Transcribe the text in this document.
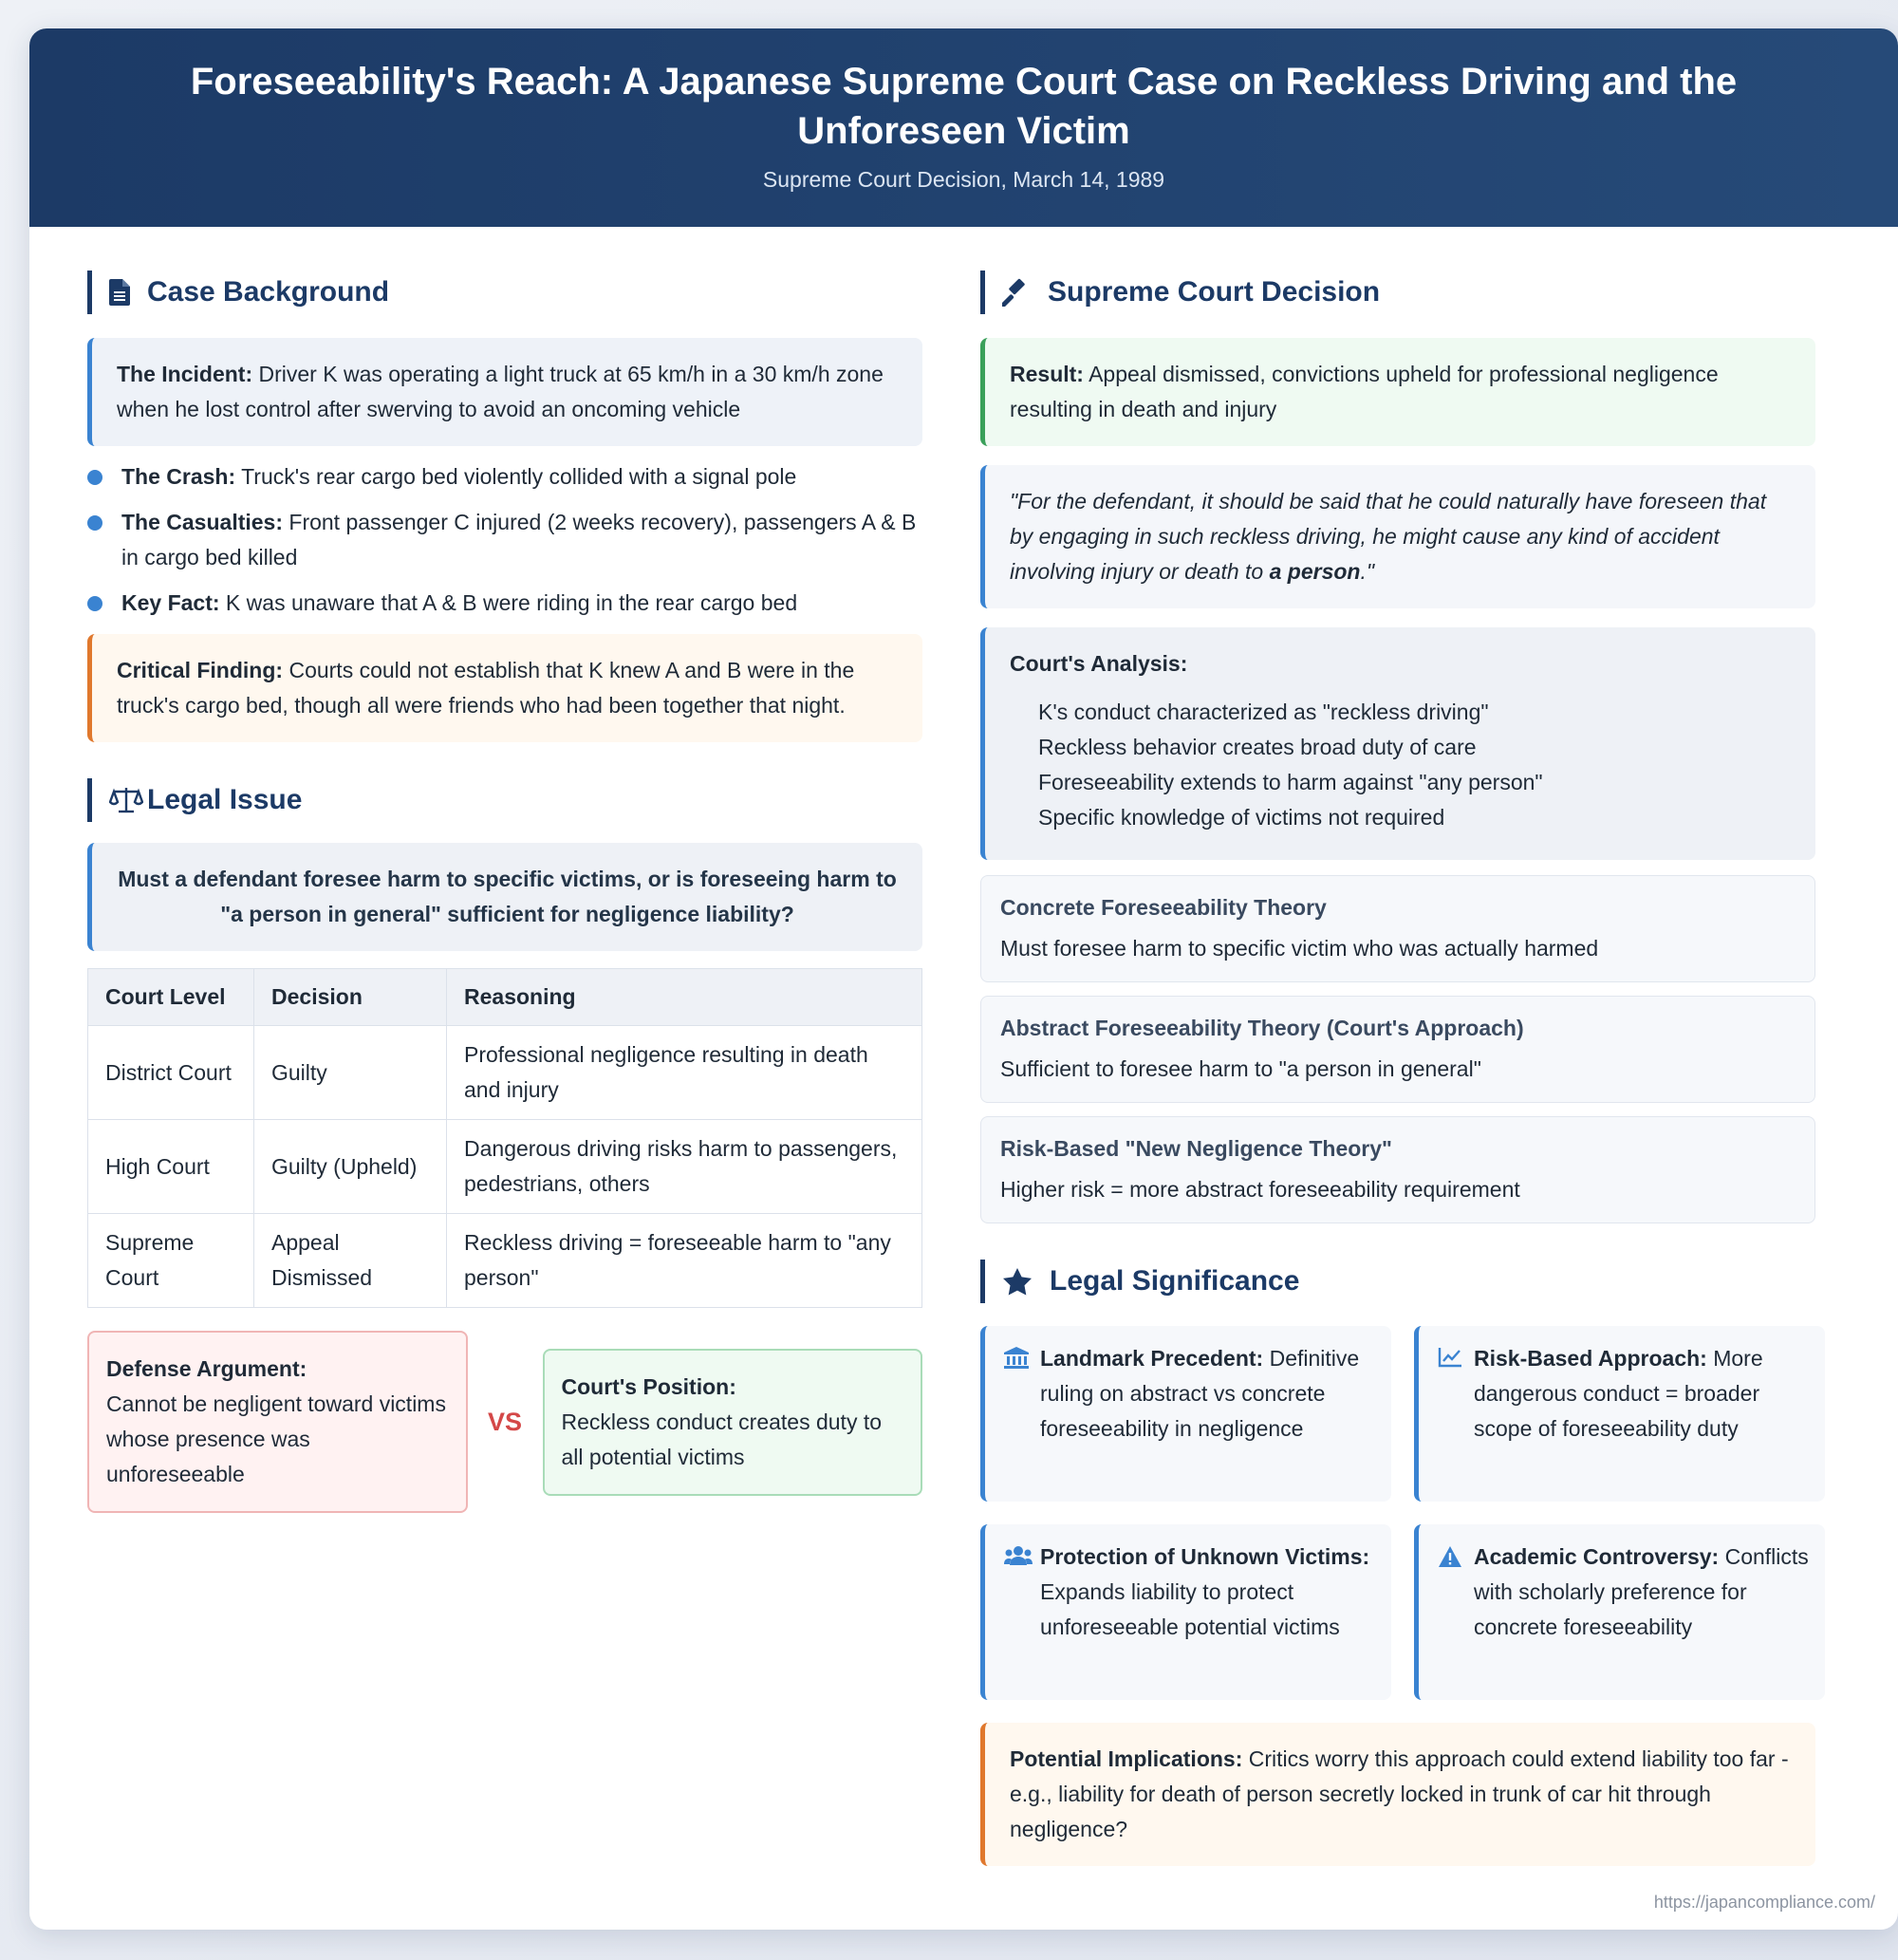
Foreseeability's Reach: A Japanese Supreme Court Case on Reckless Driving and the Unforeseen Victim
Supreme Court Decision, March 14, 1989
Case Background
The Incident: Driver K was operating a light truck at 65 km/h in a 30 km/h zone when he lost control after swerving to avoid an oncoming vehicle
The Crash: Truck's rear cargo bed violently collided with a signal pole
The Casualties: Front passenger C injured (2 weeks recovery), passengers A & B in cargo bed killed
Key Fact: K was unaware that A & B were riding in the rear cargo bed
Critical Finding: Courts could not establish that K knew A and B were in the truck's cargo bed, though all were friends who had been together that night.
Legal Issue
Must a defendant foresee harm to specific victims, or is foreseeing harm to "a person in general" sufficient for negligence liability?
Court Level	Decision	Reasoning
District Court	Guilty	Professional negligence resulting in death and injury
High Court	Guilty (Upheld)	Dangerous driving risks harm to passengers, pedestrians, others
Supreme Court	Appeal Dismissed	Reckless driving = foreseeable harm to "any person"
Defense Argument:
Cannot be negligent toward victims whose presence was unforeseeable
VS
Court's Position:
Reckless conduct creates duty to all potential victims
Supreme Court Decision
Result: Appeal dismissed, convictions upheld for professional negligence resulting in death and injury
"For the defendant, it should be said that he could naturally have foreseen that by engaging in such reckless driving, he might cause any kind of accident involving injury or death to a person."
Court's Analysis:
K's conduct characterized as "reckless driving"
Reckless behavior creates broad duty of care
Foreseeability extends to harm against "any person"
Specific knowledge of victims not required
Concrete Foreseeability Theory
Must foresee harm to specific victim who was actually harmed
Abstract Foreseeability Theory (Court's Approach)
Sufficient to foresee harm to "a person in general"
Risk-Based "New Negligence Theory"
Higher risk = more abstract foreseeability requirement
Legal Significance
Landmark Precedent: Definitive ruling on abstract vs concrete foreseeability in negligence
Risk-Based Approach: More dangerous conduct = broader scope of foreseeability duty
Protection of Unknown Victims: Expands liability to protect unforeseeable potential victims
Academic Controversy: Conflicts with scholarly preference for concrete foreseeability
Potential Implications: Critics worry this approach could extend liability too far - e.g., liability for death of person secretly locked in trunk of car hit through negligence?
https://japancompliance.com/
